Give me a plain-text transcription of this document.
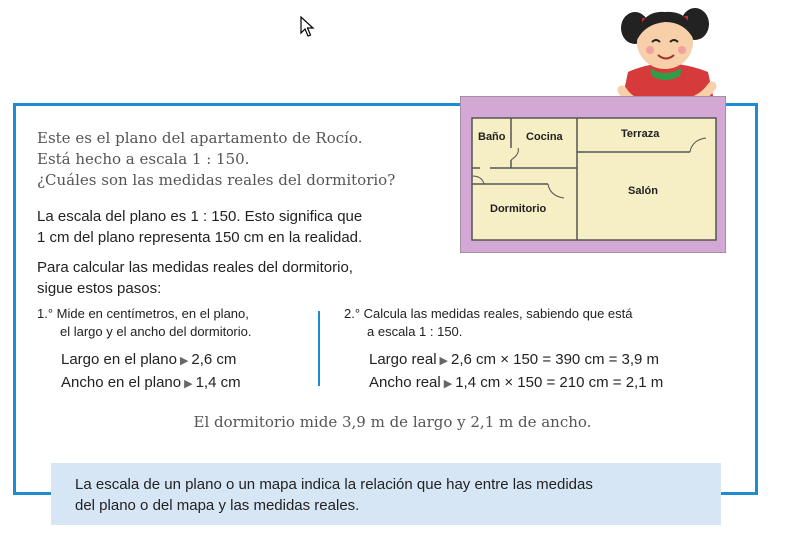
Baño Cocina	Terraza
Salón
Dormitorio
Este es el plano del apartamento de Rocío.
Está hecho a escala 1 : 150.
¿Cuáles son las medidas reales del dormitorio?
La escala del plano es 1 : 150. Esto significa que
1 cm del plano representa 150 cm en la realidad.
Para calcular las medidas reales del dormitorio,
sigue estos pasos:
1.° Mide en centímetros, en el plano,
el largo y el ancho del dormitorio.
2.° Calcula las medidas reales, sabiendo que está
a escala 1 : 150.
Largo en el plano ▶ 2,6 cm
Ancho en el plano ▶ 1,4 cm
Largo real ▶ 2,6 cm × 150 = 390 cm = 3,9 m
Ancho real ▶ 1,4 cm × 150 = 210 cm = 2,1 m
El dormitorio mide 3,9 m de largo y 2,1 m de ancho.
La escala de un plano o un mapa indica la relación que hay entre las medidas
del plano o del mapa y las medidas reales.
